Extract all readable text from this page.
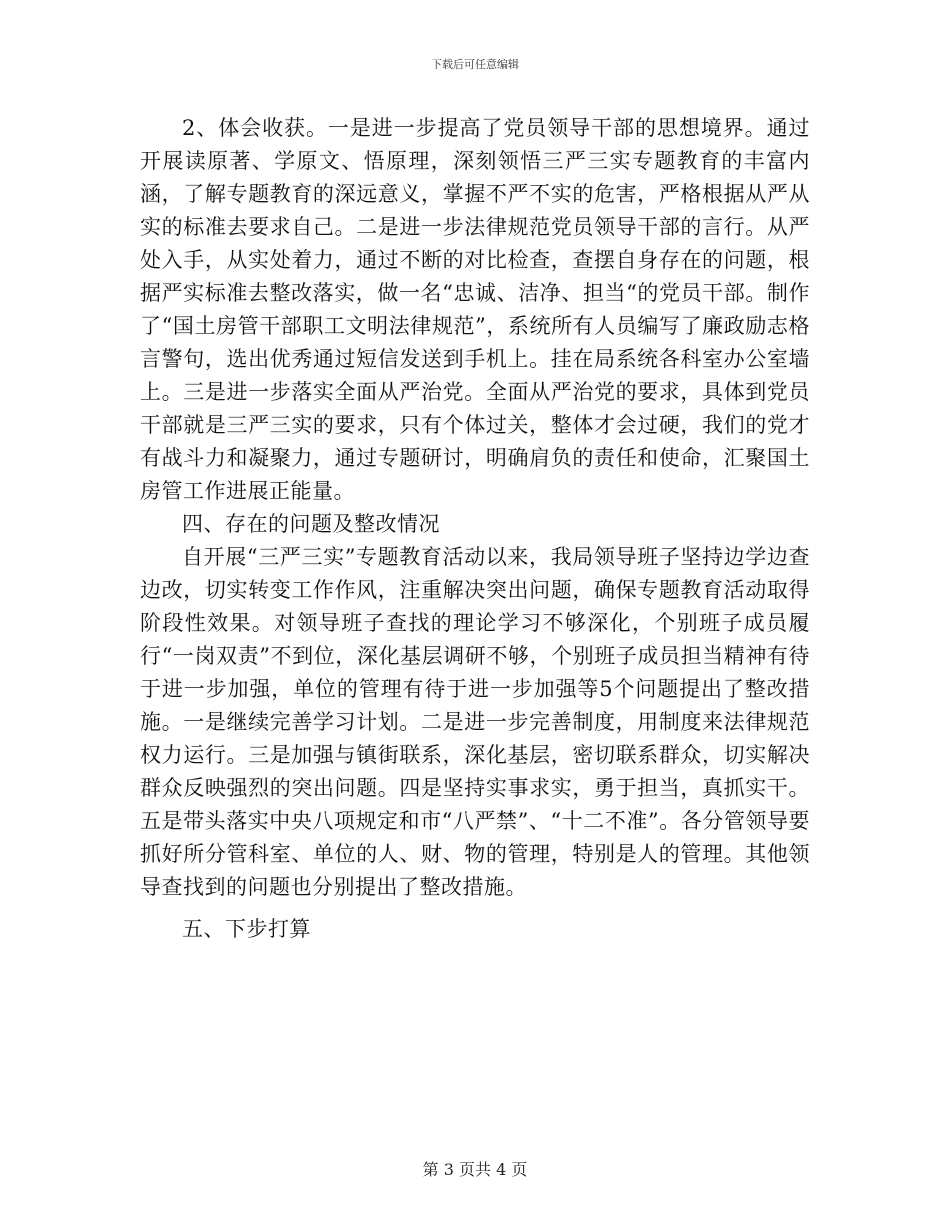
下载后可任意编辑

2、体会收获。一是进一步提高了党员领导干部的思想境界。通过开展读原著、学原文、悟原理，深刻领悟三严三实专题教育的丰富内涵，了解专题教育的深远意义，掌握不严不实的危害，严格根据从严从实的标准去要求自己。二是进一步法律规范党员领导干部的言行。从严处入手，从实处着力，通过不断的对比检查，查摆自身存在的问题，根据严实标准去整改落实，做一名“忠诚、洁净、担当“的党员干部。制作了“国土房管干部职工文明法律规范”，系统所有人员编写了廉政励志格言警句，选出优秀通过短信发送到手机上。挂在局系统各科室办公室墙上。三是进一步落实全面从严治党。全面从严治党的要求，具体到党员干部就是三严三实的要求，只有个体过关，整体才会过硬，我们的党才有战斗力和凝聚力，通过专题研讨，明确肩负的责任和使命，汇聚国土房管工作进展正能量。

四、存在的问题及整改情况

自开展“三严三实”专题教育活动以来，我局领导班子坚持边学边查边改，切实转变工作作风，注重解决突出问题，确保专题教育活动取得阶段性效果。对领导班子查找的理论学习不够深化，个别班子成员履行“一岗双责”不到位，深化基层调研不够，个别班子成员担当精神有待于进一步加强，单位的管理有待于进一步加强等5个问题提出了整改措施。一是继续完善学习计划。二是进一步完善制度，用制度来法律规范权力运行。三是加强与镇街联系，深化基层，密切联系群众，切实解决群众反映强烈的突出问题。四是坚持实事求实，勇于担当，真抓实干。五是带头落实中央八项规定和市“八严禁”、“十二不准”。各分管领导要抓好所分管科室、单位的人、财、物的管理，特别是人的管理。其他领导查找到的问题也分别提出了整改措施。

五、下步打算

第 3 页共 4 页
